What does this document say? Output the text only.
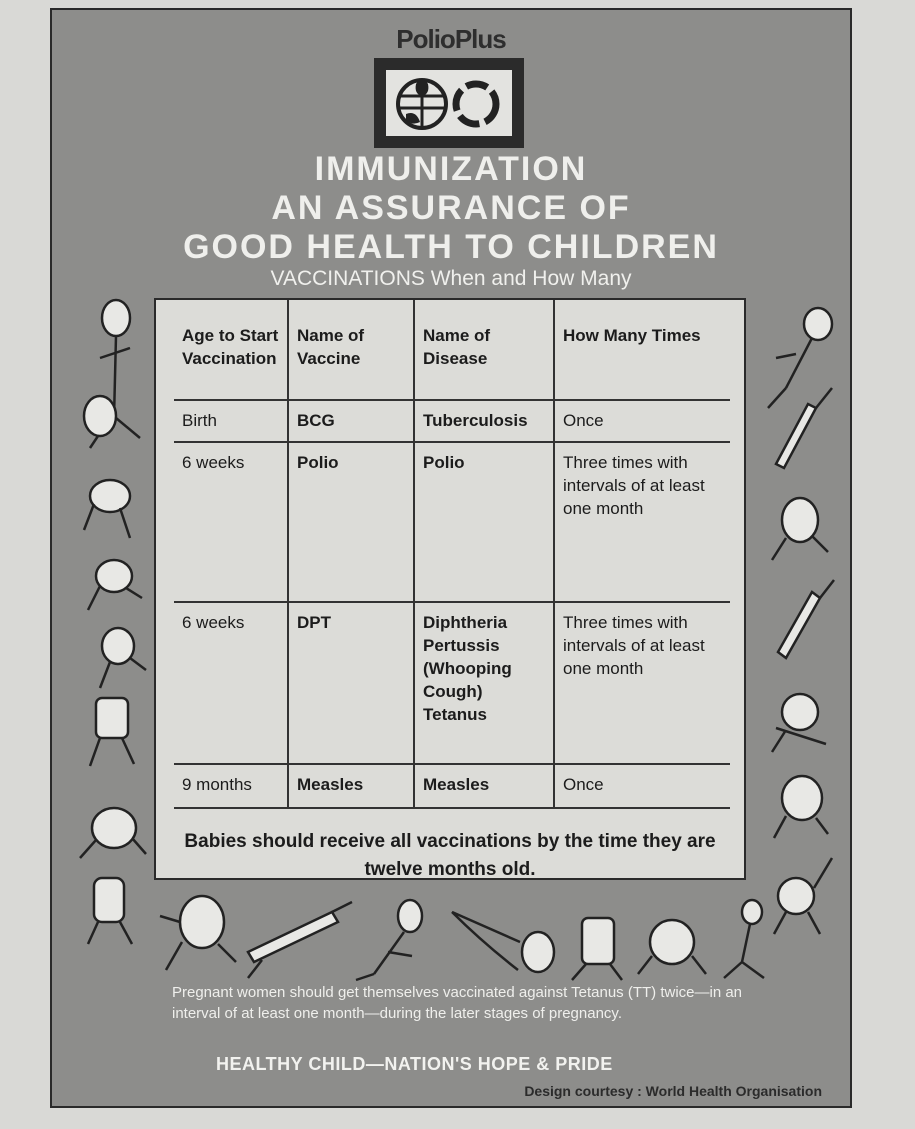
PolioPlus
IMMUNIZATION
AN ASSURANCE OF
GOOD HEALTH TO CHILDREN
VACCINATIONS When and How Many
Age to Start Vaccination	Name of Vaccine	Name of Disease	How Many Times
Birth	BCG	Tuberculosis	Once
6 weeks	Polio	Polio	Three times with intervals of at least one month
6 weeks	DPT	Diphtheria Pertussis (Whooping Cough) Tetanus	Three times with intervals of at least one month
9 months	Measles	Measles	Once
Babies should receive all vaccinations by the time they are twelve months old.
Pregnant women should get themselves vaccinated against Tetanus (TT) twice—in an interval of at least one month—during the later stages of pregnancy.
HEALTHY CHILD—NATION'S HOPE & PRIDE
Design courtesy : World Health Organisation
